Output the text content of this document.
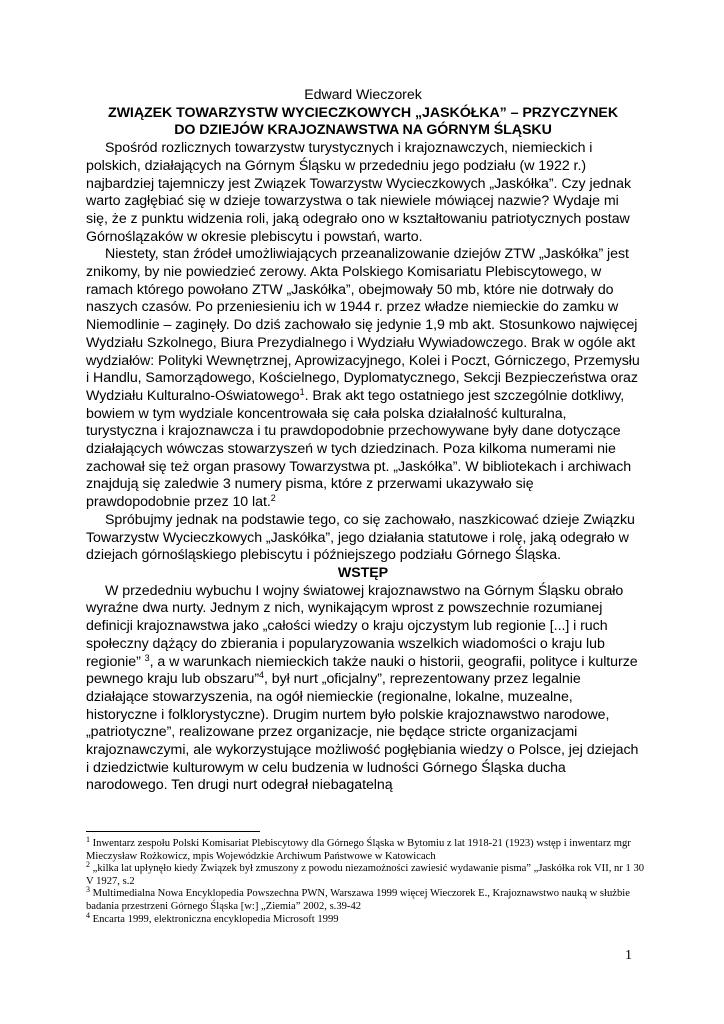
Edward Wieczorek

ZWIĄZEK TOWARZYSTW WYCIECZKOWYCH „JASKÓŁKA” – PRZYCZYNEK

DO DZIEJÓW KRAJOZNAWSTWA NA GÓRNYM ŚLĄSKU

Spośród rozlicznych towarzystw turystycznych i krajoznawczych, niemieckich i polskich, działających na Górnym Śląsku w przededniu jego podziału (w 1922 r.) najbardziej tajemniczy jest Związek Towarzystw Wycieczkowych „Jaskółka”. Czy jednak warto zagłębiać się w dzieje towarzystwa o tak niewiele mówiącej nazwie? Wydaje mi się, że z punktu widzenia roli, jaką odegrało ono w kształtowaniu patriotycznych postaw Górnoślązaków w okresie plebiscytu i powstań, warto.

Niestety, stan źródeł umożliwiających przeanalizowanie dziejów ZTW „Jaskółka” jest znikomy, by nie powiedzieć zerowy. Akta Polskiego Komisariatu Plebiscytowego, w ramach którego powołano ZTW „Jaskółka”, obejmowały 50 mb, które nie dotrwały do naszych czasów. Po przeniesieniu ich w 1944 r. przez władze niemieckie do zamku w Niemodlinie – zaginęły. Do dziś zachowało się jedynie 1,9 mb akt. Stosunkowo najwięcej Wydziału Szkolnego, Biura Prezydialnego i Wydziału Wywiadowczego. Brak w ogóle akt wydziałów: Polityki Wewnętrznej, Aprowizacyjnego, Kolei i Poczt, Górniczego, Przemysłu i Handlu, Samorządowego, Kościelnego, Dyplomatycznego, Sekcji Bezpieczeństwa oraz Wydziału Kulturalno-Oświatowego$^1$. Brak akt tego ostatniego jest szczególnie dotkliwy, bowiem w tym wydziale koncentrowała się cała polska działalność kulturalna, turystyczna i krajoznawcza i tu prawdopodobnie przechowywane były dane dotyczące działających wówczas stowarzyszeń w tych dziedzinach. Poza kilkoma numerami nie zachował się też organ prasowy Towarzystwa pt. „Jaskółka”. W bibliotekach i archiwach znajdują się zaledwie 3 numery pisma, które z przerwami ukazywało się prawdopodobnie przez 10 lat.$^2$

Spróbujmy jednak na podstawie tego, co się zachowało, naszkicować dzieje Związku Towarzystw Wycieczkowych „Jaskółka”, jego działania statutowe i rolę, jaką odegrało w dziejach górnośląskiego plebiscytu i późniejszego podziału Górnego Śląska.

WSTĘP

W przededniu wybuchu I wojny światowej krajoznawstwo na Górnym Śląsku obrało wyraźne dwa nurty. Jednym z nich, wynikającym wprost z powszechnie rozumianej definicji krajoznawstwa jako „całości wiedzy o kraju ojczystym lub regionie [...] i ruch społeczny dążący do zbierania i popularyzowania wszelkich wiadomości o kraju lub regionie” $^3$, a w warunkach niemieckich także nauki o historii, geografii, polityce i kulturze pewnego kraju lub obszaru”$^4$, był nurt „oficjalny”, reprezentowany przez legalnie działające stowarzyszenia, na ogół niemieckie (regionalne, lokalne, muzealne, historyczne i folklorystyczne). Drugim nurtem było polskie krajoznawstwo narodowe, „patriotyczne”, realizowane przez organizacje, nie będące stricte organizacjami krajoznawczymi, ale wykorzystujące możliwość pogłębiania wiedzy o Polsce, jej dziejach i dziedzictwie kulturowym w celu budzenia w ludności Górnego Śląska ducha narodowego. Ten drugi nurt odegrał niebagatelną

$^1$ Inwentarz zespołu Polski Komisariat Plebiscytowy dla Górnego Śląska w Bytomiu z lat 1918-21 (1923) wstęp i inwentarz mgr Mieczysław Rożkowicz, mpis Wojewódzkie Archiwum Państwowe w Katowicach

$^2$ „kilka lat upłynęło kiedy Związek był zmuszony z powodu niezamożności zawiesić wydawanie pisma” „Jaskółka rok VII, nr 1 30 V 1927, s.2

$^3$ Multimedialna Nowa Encyklopedia Powszechna PWN, Warszawa 1999 więcej Wieczorek E., Krajoznawstwo nauką w służbie badania przestrzeni Górnego Śląska [w:] „Ziemia” 2002, s.39-42

$^4$ Encarta 1999, elektroniczna encyklopedia Microsoft 1999

1
